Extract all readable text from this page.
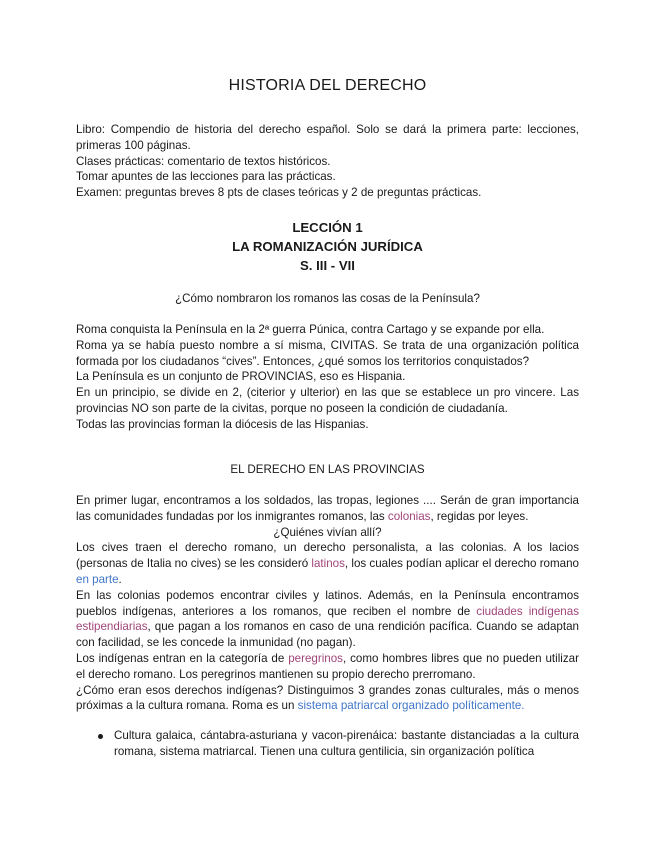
HISTORIA DEL DERECHO

Libro: Compendio de historia del derecho español. Solo se dará la primera parte: lecciones, primeras 100 páginas.

Clases prácticas: comentario de textos históricos.

Tomar apuntes de las lecciones para las prácticas.

Examen: preguntas breves 8 pts de clases teóricas y 2 de preguntas prácticas.

LECCIÓN 1
LA ROMANIZACIÓN JURÍDICA
S. III - VII

¿Cómo nombraron los romanos las cosas de la Península?

Roma conquista la Península en la 2ª guerra Púnica, contra Cartago y se expande por ella.

Roma ya se había puesto nombre a sí misma, CIVITAS. Se trata de una organización política formada por los ciudadanos “cives”. Entonces, ¿qué somos los territorios conquistados?

La Península es un conjunto de PROVINCIAS, eso es Hispania.

En un principio, se divide en 2, (citerior y ulterior) en las que se establece un pro vincere. Las provincias NO son parte de la civitas, porque no poseen la condición de ciudadanía.

Todas las provincias forman la diócesis de las Hispanias.

EL DERECHO EN LAS PROVINCIAS

En primer lugar, encontramos a los soldados, las tropas, legiones .... Serán de gran importancia las comunidades fundadas por los inmigrantes romanos, las colonias, regidas por leyes.

¿Quiénes vivían allí?

Los cives traen el derecho romano, un derecho personalista, a las colonias. A los lacios (personas de Italia no cives) se les consideró latinos, los cuales podían aplicar el derecho romano en parte.

En las colonias podemos encontrar civiles y latinos. Además, en la Península encontramos pueblos indígenas, anteriores a los romanos, que reciben el nombre de ciudades indígenas estipendiarias, que pagan a los romanos en caso de una rendición pacífica. Cuando se adaptan con facilidad, se les concede la inmunidad (no pagan).

Los indígenas entran en la categoría de peregrinos, como hombres libres que no pueden utilizar el derecho romano. Los peregrinos mantienen su propio derecho prerromano.

¿Cómo eran esos derechos indígenas? Distinguimos 3 grandes zonas culturales, más o menos próximas a la cultura romana. Roma es un sistema patriarcal organizado políticamente.

Cultura galaica, cántabra-asturiana y vacon-pirenáica: bastante distanciadas a la cultura romana, sistema matriarcal. Tienen una cultura gentilicia, sin organización política
